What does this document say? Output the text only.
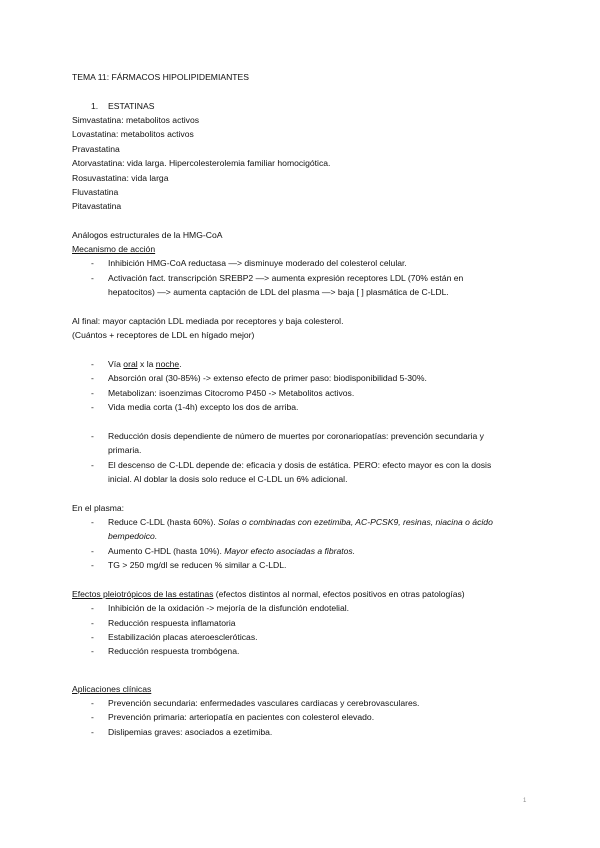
TEMA 11: FÁRMACOS HIPOLIPIDEMIANTES
1. ESTATINAS
Simvastatina: metabolitos activos
Lovastatina: metabolitos activos
Pravastatina
Atorvastatina: vida larga. Hipercolesterolemia familiar homocigótica.
Rosuvastatina: vida larga
Fluvastatina
Pitavastatina
Análogos estructurales de la HMG-CoA
Mecanismo de acción
- Inhibición HMG-CoA reductasa —> disminuye moderado del colesterol celular.
- Activación fact. transcripción SREBP2 —> aumenta expresión receptores LDL (70% están en
hepatocitos) —> aumenta captación de LDL del plasma —> baja [ ] plasmática de C-LDL.
Al final: mayor captación LDL mediada por receptores y baja colesterol.
(Cuántos + receptores de LDL en hígado mejor)
- Vía oral x la noche.
- Absorción oral (30-85%) -> extenso efecto de primer paso: biodisponibilidad 5-30%.
- Metabolizan: isoenzimas Citocromo P450 -> Metabolitos activos.
- Vida media corta (1-4h) excepto los dos de arriba.
- Reducción dosis dependiente de número de muertes por coronariopatías: prevención secundaria y
primaria.
- El descenso de C-LDL depende de: eficacia y dosis de estática. PERO: efecto mayor es con la dosis
inicial. Al doblar la dosis solo reduce el C-LDL un 6% adicional.
En el plasma:
- Reduce C-LDL (hasta 60%). Solas o combinadas con ezetimiba, AC-PCSK9, resinas, niacina o ácido
bempedoico.
- Aumento C-HDL (hasta 10%). Mayor efecto asociadas a fibratos.
- TG > 250 mg/dl se reducen % similar a C-LDL.
Efectos pleiotrópicos de las estatinas (efectos distintos al normal, efectos positivos en otras patologías)
- Inhibición de la oxidación -> mejoría de la disfunción endotelial.
- Reducción respuesta inflamatoria
- Estabilización placas ateroescleróticas.
- Reducción respuesta trombógena.
Aplicaciones clínicas
- Prevención secundaria: enfermedades vasculares cardiacas y cerebrovasculares.
- Prevención primaria: arteriopatía en pacientes con colesterol elevado.
- Dislipemias graves: asociados a ezetimiba.
1
